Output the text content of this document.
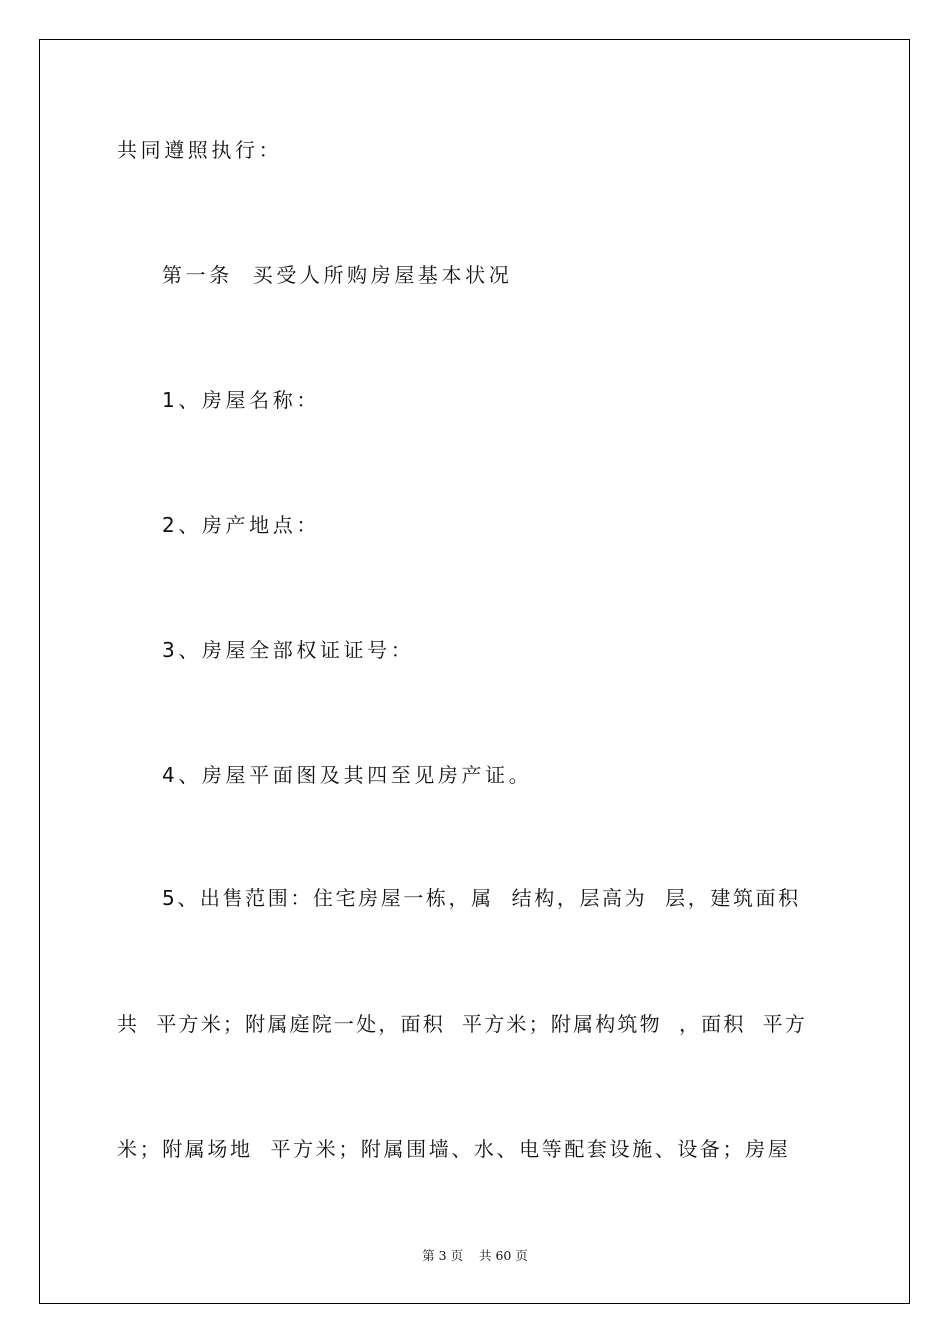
共同遵照执行：
第一条  买受人所购房屋基本状况
1、房屋名称：
2、房产地点：
3、房屋全部权证证号：
4、房屋平面图及其四至见房产证。
5、出售范围：住宅房屋一栋，属  结构，层高为  层，建筑面积
共  平方米；附属庭院一处，面积  平方米；附属构筑物  ，面积  平方
米；附属场地  平方米；附属围墙、水、电等配套设施、设备；房屋
第 3 页    共 60 页
